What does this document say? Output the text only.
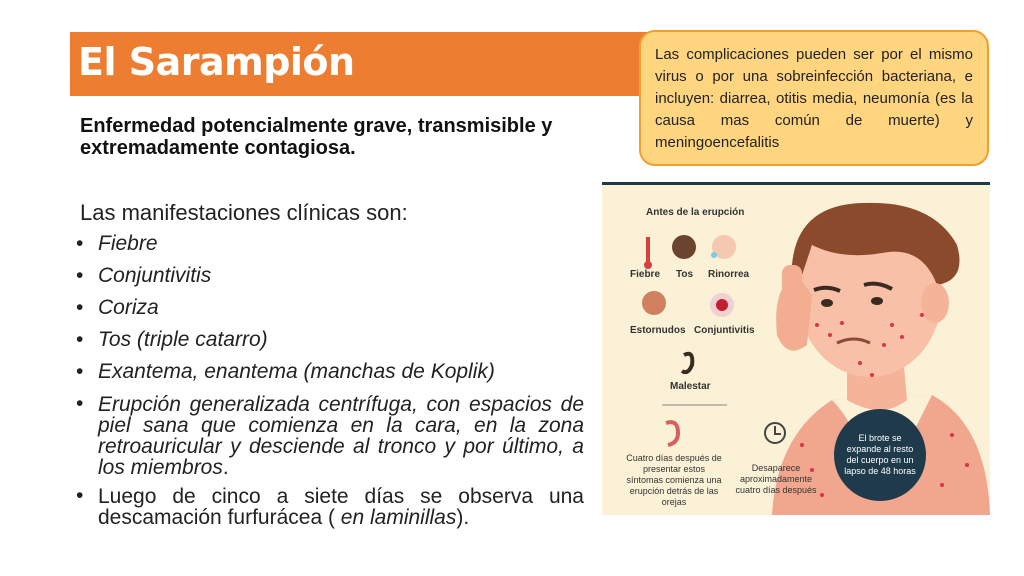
El Sarampión	Las complicaciones pueden ser por el mismo virus o por una sobreinfección bacteriana, e incluyen: diarrea, otitis media, neumonía (es la causa mas común de muerte) y meningoencefalitis
Enfermedad potencialmente grave, transmisible y extremadamente contagiosa.
Las manifestaciones clínicas son:
• Fiebre
• Conjuntivitis
• Coriza
• Tos (triple catarro)
• Exantema, enantema (manchas de Koplik)
• Erupción generalizada centrífuga, con espacios de piel sana que comienza en la cara, en la zona retroauricular y desciende al tronco y por último, a los miembros.
• Luego de cinco a siete días se observa una descamación furfurácea ( en laminillas).
Antes de la erupción
Fiebre Tos Rinorrea
Estornudos Conjuntivitis
Malestar
Cuatro días después de presentar estos síntomas comienza una erupción detrás de las orejas
Desaparece aproximadamente cuatro días después
El brote se expande al resto del cuerpo en un lapso de 48 horas
